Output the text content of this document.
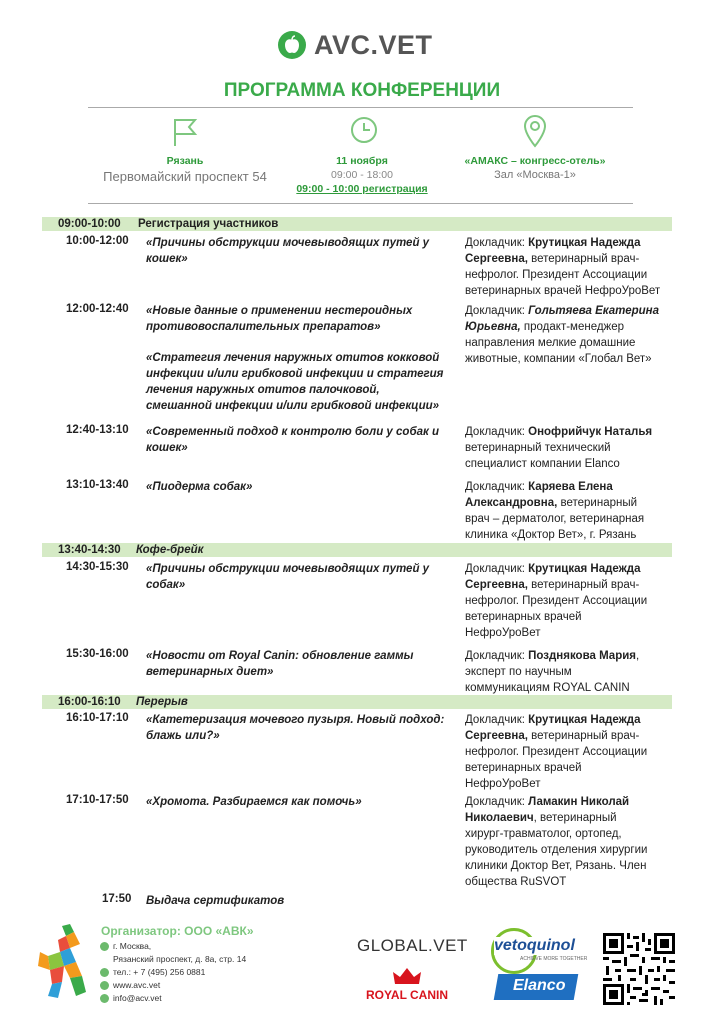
AVC.VET
ПРОГРАММА КОНФЕРЕНЦИИ
Рязань
Первомайский проспект 54
11 ноября
09:00 - 18:00
09:00 - 10:00 регистрация
«АМАКС – конгресс-отель»
Зал «Москва-1»
09:00-10:00 Регистрация участников
10:00-12:00 «Причины обструкции мочевыводящих путей у
кошек»
Докладчик: Крутицкая Надежда
Сергеевна, ветеринарный врач-
нефролог. Президент Ассоциации
ветеринарных врачей НефроУроВет
12:00-12:40 «Новые данные о применении нестероидных
противовоспалительных препаратов»
«Стратегия лечения наружных отитов кокковой
инфекции и/или грибковой инфекции и стратегия
лечения наружных отитов палочковой,
смешанной инфекции и/или грибковой инфекции»
Докладчик: Гольтяева Екатерина
Юрьевна, продакт-менеджер
направления мелкие домашние
животные, компании «Глобал Вет»
12:40-13:10 «Современный подход к контролю боли у собак и
кошек»
Докладчик: Онофрийчук Наталья
ветеринарный технический
специалист компании Elanco
13:10-13:40 «Пиодерма собак»	Докладчик: Каряева Елена
Александровна, ветеринарный
врач – дерматолог, ветеринарная
клиника «Доктор Вет», г. Рязань
13:40-14:30 Кофе-брейк
14:30-15:30 «Причины обструкции мочевыводящих путей у
собак»
Докладчик: Крутицкая Надежда
Сергеевна, ветеринарный врач-
нефролог. Президент Ассоциации
ветеринарных врачей
НефроУроВет
15:30-16:00 «Новости от Royal Canin: обновление гаммы
ветеринарных диет»
Докладчик: Позднякова Мария,
эксперт по научным
коммуникациям ROYAL CANIN
16:00-16:10 Перерыв
16:10-17:10 «Катетеризация мочевого пузыря. Новый подход:
блажь или?»
Докладчик: Крутицкая Надежда
Сергеевна, ветеринарный врач-
нефролог. Президент Ассоциации
ветеринарных врачей
НефроУроВет
17:10-17:50 «Хромота. Разбираемся как помочь»	Докладчик: Ламакин Николай
Николаевич, ветеринарный
хирург-травматолог, ортопед,
руководитель отделения хирургии
клиники Доктор Вет, Рязань. Член
общества RuSVOT
17:50 Выдача сертификатов
Организатор: ООО «АВК»
г. Москва,
Рязанский проспект, д. 8а, стр. 14
тел.: + 7 (495) 256 0881
www.avc.vet
info@acv.vet
GLOBAL.VET
ROYAL CANIN
vetoquinol
ACHIEVE MORE TOGETHER
Elanco
